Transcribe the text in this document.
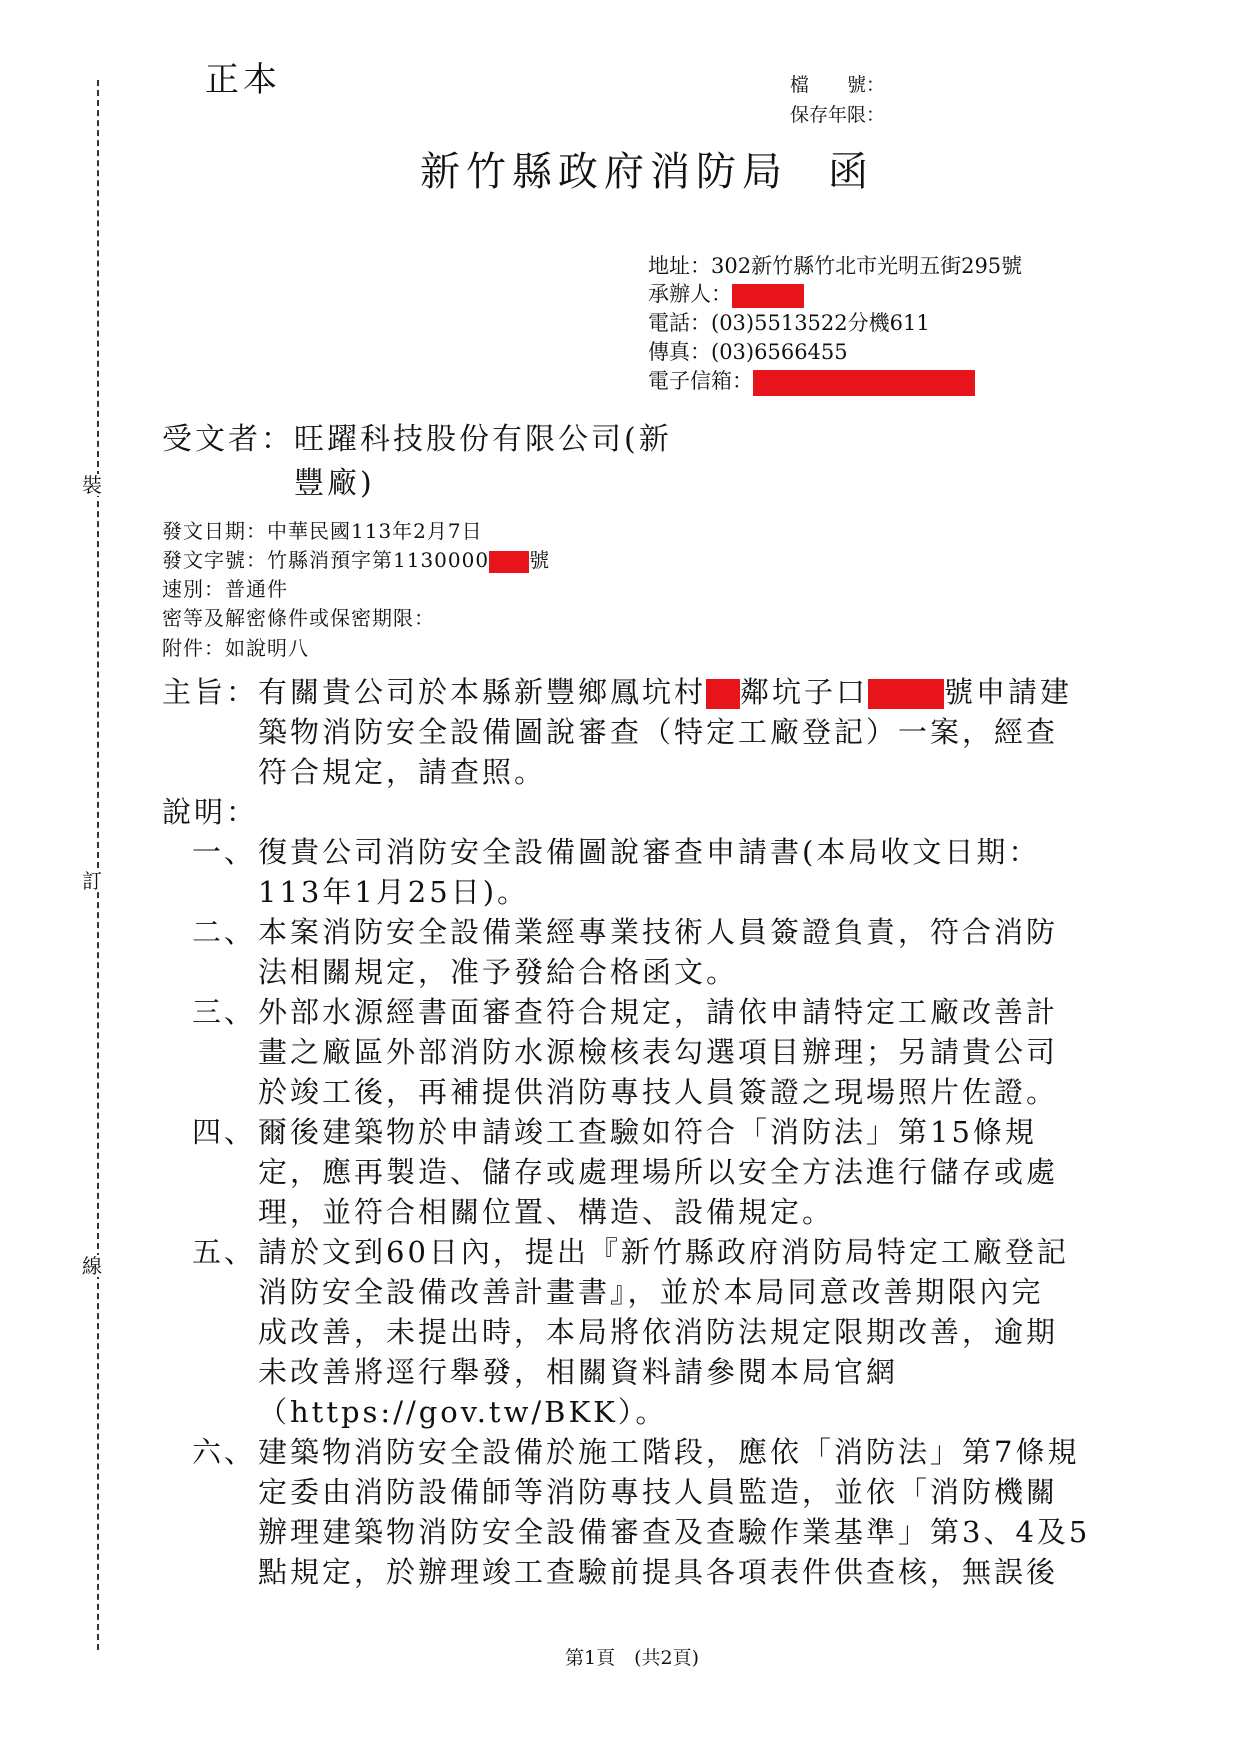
裝
訂
線
正本	檔　　號：
保存年限：
新竹縣政府消防局 函
地址：302新竹縣竹北市光明五街295號
承辦人：
電話：(03)5513522分機611
傳真：(03)6566455
電子信箱：
受文者：旺躍科技股份有限公司(新
豐廠)
發文日期：中華民國113年2月7日
發文字號：竹縣消預字第1130000 號
速別：普通件
密等及解密條件或保密期限：
附件：如說明八
主旨： 有關貴公司於本縣新豐鄉鳳坑村 鄰坑子口	號申請建
築物消防安全設備圖說審查（特定工廠登記）一案，經查
符合規定，請查照。
說明：
一、 復貴公司消防安全設備圖說審查申請書(本局收文日期：
113年1月25日)。
二、 本案消防安全設備業經專業技術人員簽證負責，符合消防
法相關規定，准予發給合格函文。
三、 外部水源經書面審查符合規定，請依申請特定工廠改善計
畫之廠區外部消防水源檢核表勾選項目辦理；另請貴公司
於竣工後，再補提供消防專技人員簽證之現場照片佐證。
四、 爾後建築物於申請竣工查驗如符合「消防法」第15條規
定，應再製造、儲存或處理場所以安全方法進行儲存或處
理，並符合相關位置、構造、設備規定。
五、 請於文到60日內，提出『新竹縣政府消防局特定工廠登記
消防安全設備改善計畫書』，並於本局同意改善期限內完
成改善，未提出時，本局將依消防法規定限期改善，逾期
未改善將逕行舉發，相關資料請參閱本局官網
（https://gov.tw/BKK）。
六、 建築物消防安全設備於施工階段，應依「消防法」第7條規
定委由消防設備師等消防專技人員監造，並依「消防機關
辦理建築物消防安全設備審查及查驗作業基準」第3、4及5
點規定，於辦理竣工查驗前提具各項表件供查核，無誤後
第1頁　(共2頁)
